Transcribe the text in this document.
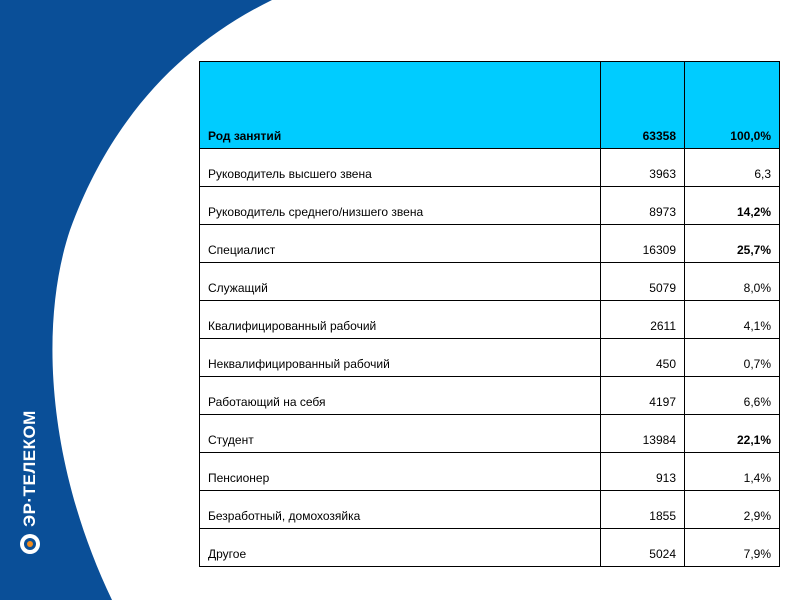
ЭР·ТЕЛЕКОМ
Род занятий	63358	100,0%
Руководитель высшего звена	3963	6,3
Руководитель среднего/низшего звена	8973	14,2%
Специалист	16309	25,7%
Служащий	5079	8,0%
Квалифицированный рабочий	2611	4,1%
Неквалифицированный рабочий	450	0,7%
Работающий на себя	4197	6,6%
Студент	13984	22,1%
Пенсионер	913	1,4%
Безработный, домохозяйка	1855	2,9%
Другое	5024	7,9%
